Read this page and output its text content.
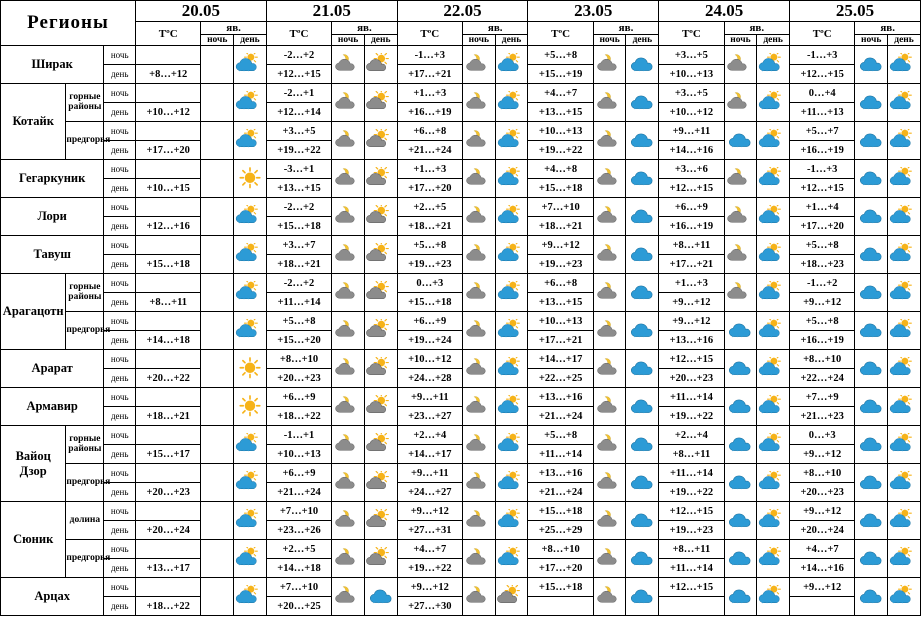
Регионы			20.05			21.05			22.05			23.05			24.05			25.05		
			TºC	яв.		TºC	яв.		TºC	яв.		TºC	яв.		TºC	яв.		TºC	яв.	
				ночь	день		ночь	день		ночь	день		ночь	день		ночь	день		ночь	день
Ширак		ночь				-2…+2			-1…+3			+5…+8			+3…+5			-1…+3	

		день	+8…+12			+12…+15			+17…+21			+15…+19			+10…+13			+12…+15		
Котайк	горные
районы	ночь				-2…+1			+1…+3			+4…+7			+3…+5			0…+4	

		день	+10…+12			+12…+14			+16…+19			+13…+15			+10…+12			+11…+13		
	предгорья	ночь				+3…+5			+6…+8			+10…+13			+9…+11			+5…+7	

		день	+17…+20			+19…+22			+21…+24			+19…+22			+14…+16			+16…+19		
Гегаркуник		ночь				-3…+1			+1…+3			+4…+8			+3…+6			-1…+3	

		день	+10…+15			+13…+15			+17…+20			+15…+18			+12…+15			+12…+15		
Лори		ночь				-2…+2			+2…+5			+7…+10			+6…+9			+1…+4	

		день	+12…+16			+15…+18			+18…+21			+18…+21			+16…+19			+17…+20		
Тавуш		ночь				+3…+7			+5…+8			+9…+12			+8…+11			+5…+8	

		день	+15…+18			+18…+21			+19…+23			+19…+23			+17…+21			+18…+23		
Арагацотн	горные
районы	ночь				-2…+2			0…+3			+6…+8			+1…+3			-1…+2	

		день	+8…+11			+11…+14			+15…+18			+13…+15			+9…+12			+9…+12		
	предгорья	ночь				+5…+8			+6…+9			+10…+13			+9…+12			+5…+8	

		день	+14…+18			+15…+20			+19…+24			+17…+21			+13…+16			+16…+19		
Арарат		ночь				+8…+10			+10…+12			+14…+17			+12…+15			+8…+10	

		день	+20…+22			+20…+23			+24…+28			+22…+25			+20…+23			+22…+24		
Армавир		ночь				+6…+9			+9…+11			+13…+16			+11…+14			+7…+9	

		день	+18…+21			+18…+22			+23…+27			+21…+24			+19…+22			+21…+23		
Вайоц Дзор	горные
районы	ночь				-1…+1			+2…+4			+5…+8			+2…+4			0…+3	

		день	+15…+17			+10…+13			+14…+17			+11…+14			+8…+11			+9…+12		
	предгорья	ночь				+6…+9			+9…+11			+13…+16			+11…+14			+8…+10	

		день	+20…+23			+21…+24			+24…+27			+21…+24			+19…+22			+20…+23		
Сюник	долина	ночь				+7…+10			+9…+12			+15…+18			+12…+15			+9…+12	

		день	+20…+24			+23…+26			+27…+31			+25…+29			+19…+23			+20…+24		
	предгорья	ночь				+2…+5			+4…+7			+8…+10			+8…+11			+4…+7	

		день	+13…+17			+14…+18			+19…+22			+17…+20			+11…+14			+14…+16		
Арцах		ночь				+7…+10			+9…+12			+15…+18			+12…+15			+9…+12	

		день	+18…+22			+20…+25			+27…+30											
